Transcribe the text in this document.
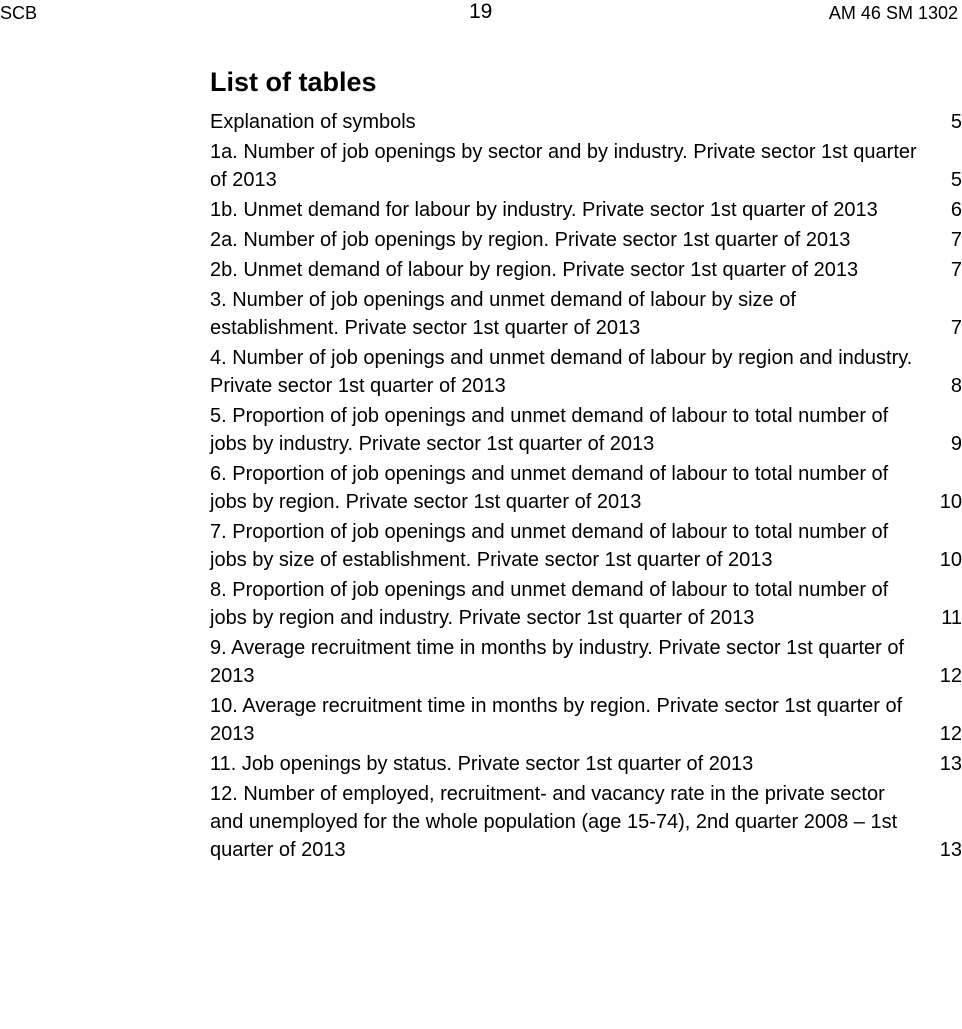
SCB	19	AM 46 SM 1302
List of tables
Explanation of symbols	5
1a. Number of job openings by sector and by industry. Private sector 1st quarter of 2013	5
1b. Unmet demand for labour by industry. Private sector 1st quarter of 2013	6
2a. Number of job openings by region. Private sector 1st quarter of 2013	7
2b. Unmet demand of labour by region. Private sector 1st quarter of 2013	7
3. Number of job openings and unmet demand of labour by size of establishment. Private sector 1st quarter of 2013	7
4. Number of job openings and unmet demand of labour by region and industry. Private sector 1st quarter of 2013	8
5. Proportion of job openings and unmet demand of labour to total number of jobs by industry. Private sector 1st quarter of 2013	9
6. Proportion of job openings and unmet demand of labour to total number of jobs by region. Private sector 1st quarter of 2013	10
7. Proportion of job openings and unmet demand of labour to total number of jobs by size of establishment. Private sector 1st quarter of 2013	10
8. Proportion of job openings and unmet demand of labour to total number of jobs by region and industry. Private sector 1st quarter of 2013	11
9. Average recruitment time in months by industry. Private sector 1st quarter of 2013	12
10. Average recruitment time in months by region. Private sector 1st quarter of 2013	12
11. Job openings by status. Private sector 1st quarter of 2013	13
12. Number of employed, recruitment- and vacancy rate in the private sector and unemployed for the whole population (age 15-74), 2nd quarter 2008 – 1st quarter of 2013	13
